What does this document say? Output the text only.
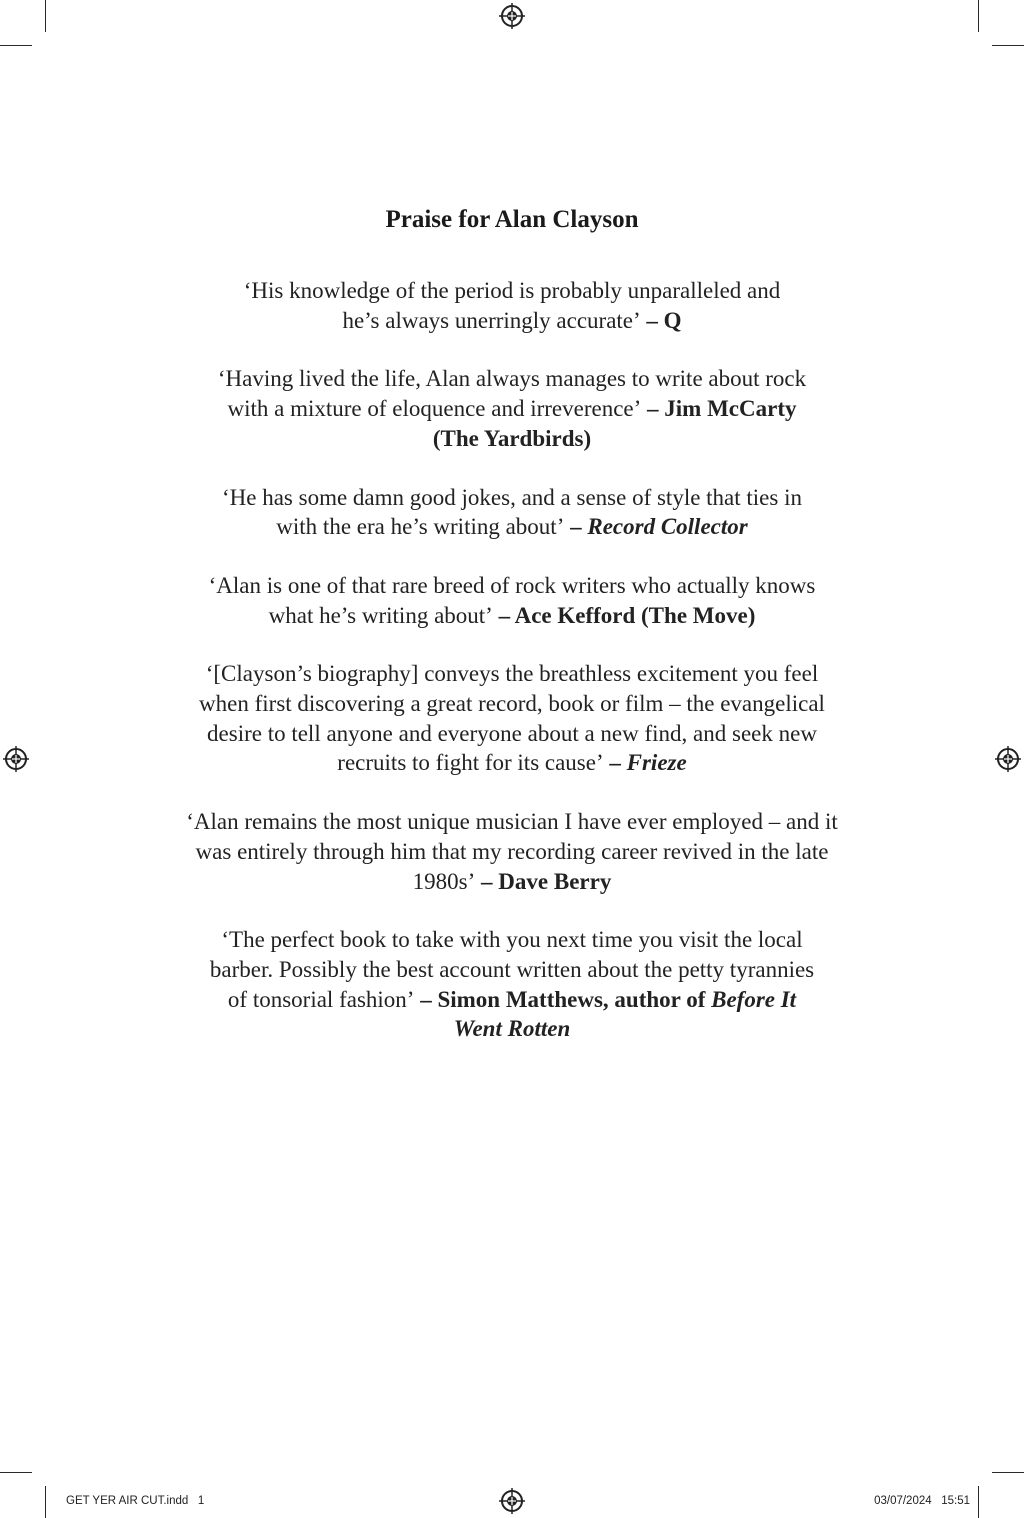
Praise for Alan Clayson

‘His knowledge of the period is probably unparalleled and he’s always unerringly accurate’ – Q

‘Having lived the life, Alan always manages to write about rock with a mixture of eloquence and irreverence’ – Jim McCarty (The Yardbirds)

‘He has some damn good jokes, and a sense of style that ties in with the era he’s writing about’ – Record Collector

‘Alan is one of that rare breed of rock writers who actually knows what he’s writing about’ – Ace Kefford (The Move)

‘[Clayson’s biography] conveys the breathless excitement you feel when first discovering a great record, book or film – the evangelical desire to tell anyone and everyone about a new find, and seek new recruits to fight for its cause’ – Frieze

‘Alan remains the most unique musician I have ever employed – and it was entirely through him that my recording career revived in the late 1980s’ – Dave Berry

‘The perfect book to take with you next time you visit the local barber. Possibly the best account written about the petty tyrannies of tonsorial fashion’ – Simon Matthews, author of Before It Went Rotten

GET YER AIR CUT.indd   1	03/07/2024   15:51
